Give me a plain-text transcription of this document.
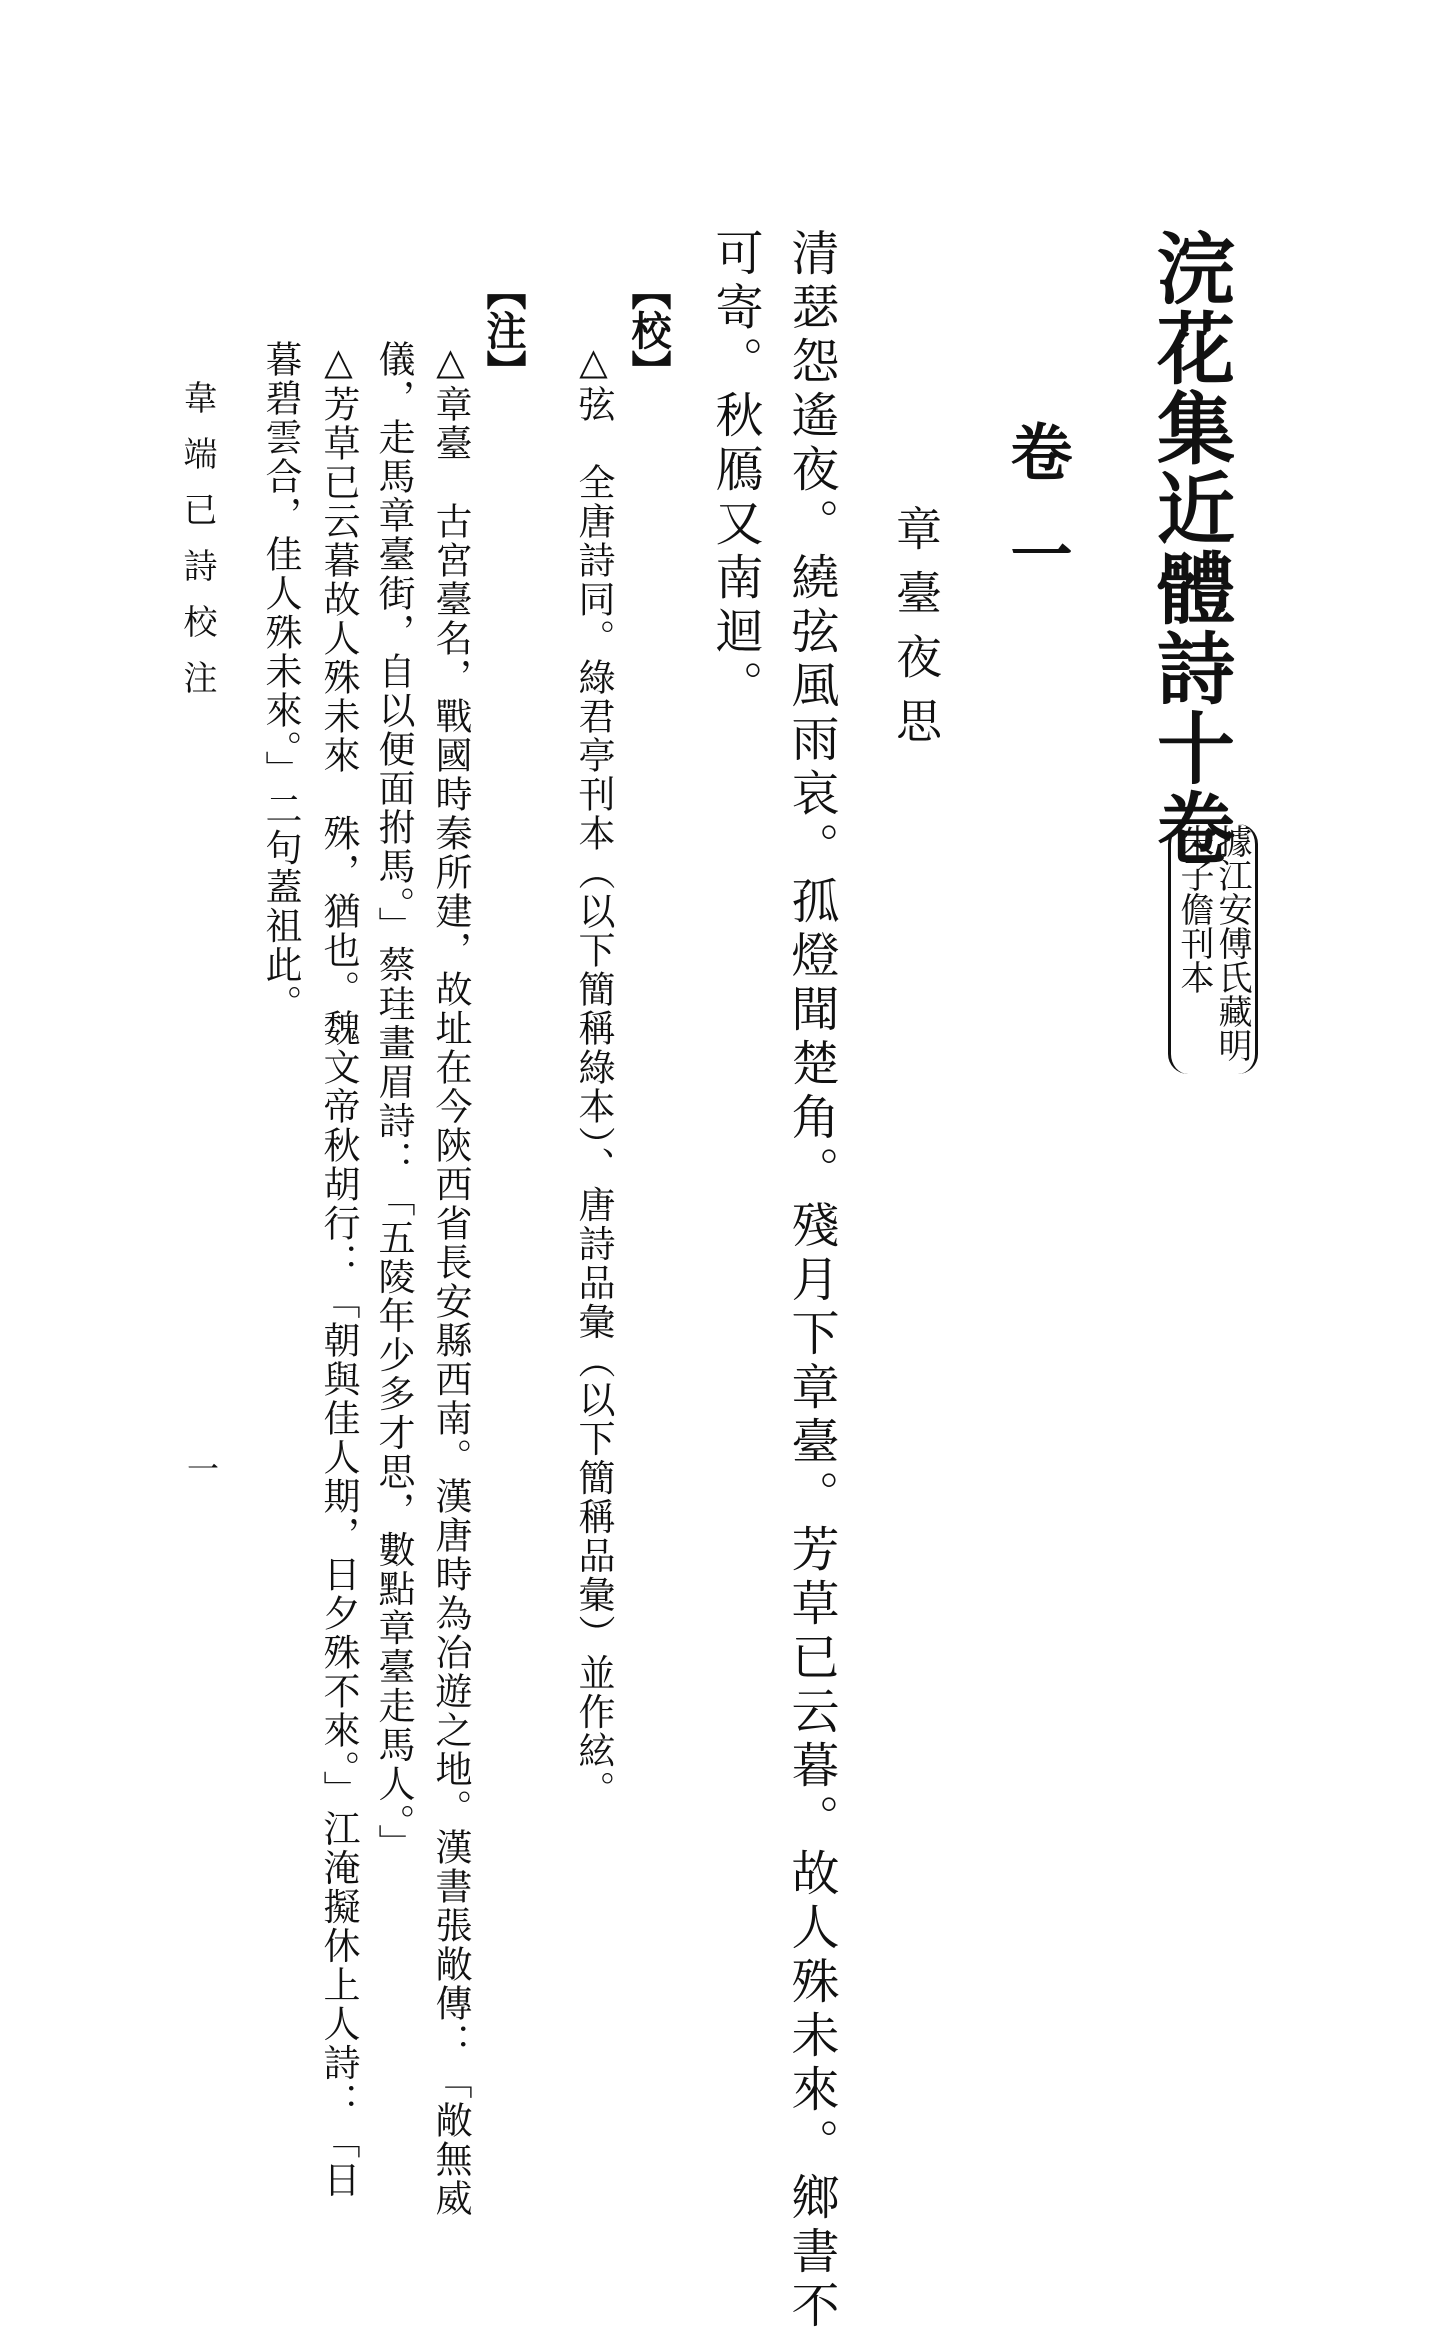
浣花集近體詩十卷
據江安傅氏藏明朱子儋刊本
卷一
章臺夜思
清瑟怨遙夜。繞弦風雨哀。孤燈聞楚角。殘月下章臺。芳草已云暮。故人殊未來。鄉書不
可寄。秋鴈又南迴。
【校】
△弦　全唐詩同。綠君亭刊本（以下簡稱綠本）、唐詩品彙（以下簡稱品彙）並作絃。
【注】
△章臺　古宮臺名，戰國時秦所建，故址在今陝西省長安縣西南。漢唐時為冶遊之地。漢書張敞傳：「敞無威
儀，走馬章臺街，自以便面拊馬。」蔡珪畫眉詩：「五陵年少多才思，數點章臺走馬人。」
△芳草已云暮故人殊未來　殊，猶也。魏文帝秋胡行：「朝與佳人期，日夕殊不來。」江淹擬休上人詩：「日
暮碧雲合，佳人殊未來。」二句蓋祖此。
韋端已詩校注
一
